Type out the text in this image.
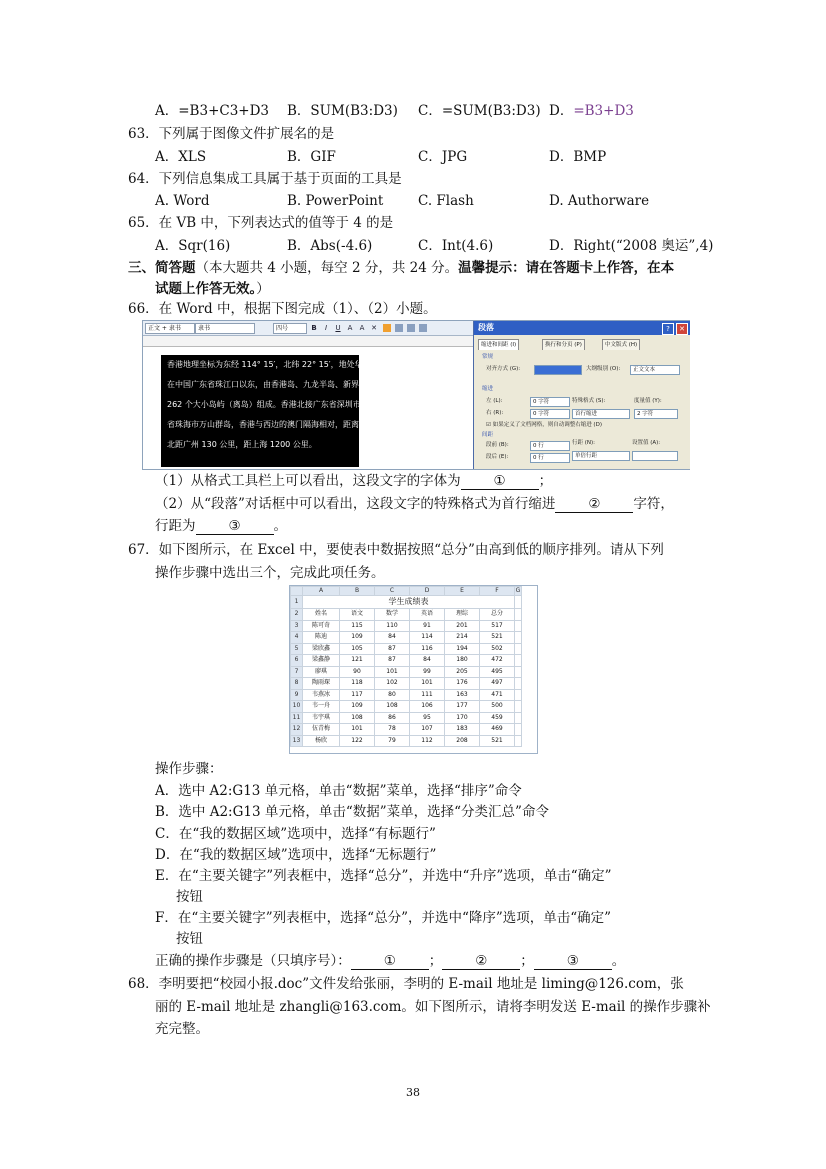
A．=B3+C3+D3 B．SUM(B3:D3) C．=SUM(B3:D3) D．=B3+D3
63．下列属于图像文件扩展名的是
A．XLS	B．GIF	C．JPG	D．BMP
64．下列信息集成工具属于基于页面的工具是
A. Word	B. PowerPoint	C. Flash	D. Authorware
65．在 VB 中，下列表达式的值等于 4 的是
A．Sqr(16)	B．Abs(-4.6)	C．Int(4.6)	D．Right(“2008 奥运”,4)
三、简答题（本大题共 4 小题，每空 2 分，共 24 分。温馨提示：请在答题卡上作答，在本
试题上作答无效。）
66．在 Word 中，根据下图完成（1）、（2）小题。
正文 + 隶书	隶书	四号	B	I	U	A	A ✕
香港地理坐标为东经 114° 15′，北纬 22° 15′，地处华南沿岸，
在中国广东省珠江口以东，由香港岛、九龙半岛、新界内陆地区以及
262 个大小岛屿（离岛）组成。香港北接广东省深圳市，南望广东
省珠海市万山群岛，香港与西边的澳门隔海相对，距离为 61 公里，
北距广州 130 公里，距上海 1200 公里。
段落	?	✕
缩进和间距 (I)	换行和分页 (P)	中文版式 (H)
常规
对齐方式 (G):	大纲级别 (O):	正文文本
缩进
左 (L):	0 字符	特殊格式 (S):	度量值 (Y):
右 (R):	0 字符	首行缩进	2 字符
☑ 如果定义了文档网格，则自动调整右缩进 (D)
间距
段前 (B):	0 行	行距 (N):	设置值 (A):
段后 (E):	0 行	单倍行距
（1）从格式工具栏上可以看出，这段文字的字体为 ① ；
（2）从“段落”对话框中可以看出，这段文字的特殊格式为首行缩进 ② 字符，
行距为 ③ 。
67．如下图所示，在 Excel 中，要使表中数据按照“总分”由高到低的顺序排列。请从下列
操作步骤中选出三个，完成此项任务。
	A	B	C	D	E	F	G
1	学生成绩表						
2	姓名	语文	数学	英语	理综	总分	
3	陈可奇	115	110	91	201	517	
4	陈迪	109	84	114	214	521	
5	梁欣鑫	105	87	116	194	502	
6	梁鑫静	121	87	84	180	472	
7	廖琪	90	101	99	205	495	
8	陶雨琛	118	102	101	176	497	
9	韦燕冰	117	80	111	163	471	
10	韦一舟	109	108	106	177	500	
11	韦宇琪	108	86	95	170	459	
12	伍青梅	101	78	107	183	469	
13	杨欣	122	79	112	208	521	
操作步骤：
A．选中 A2:G13 单元格，单击“数据”菜单，选择“排序”命令
B．选中 A2:G13 单元格，单击“数据”菜单，选择“分类汇总”命令
C．在“我的数据区域”选项中，选择“有标题行”
D．在“我的数据区域”选项中，选择“无标题行”
E．在“主要关键字”列表框中，选择“总分”，并选中“升序”选项，单击“确定”
按钮
F．在“主要关键字”列表框中，选择“总分”，并选中“降序”选项，单击“确定”
按钮
正确的操作步骤是（只填序号）： ① ； ② ； ③ 。
68．李明要把“校园小报.doc”文件发给张丽，李明的 E-mail 地址是 liming@126.com，张
丽的 E-mail 地址是 zhangli@163.com。如下图所示，请将李明发送 E-mail 的操作步骤补
充完整。
38
